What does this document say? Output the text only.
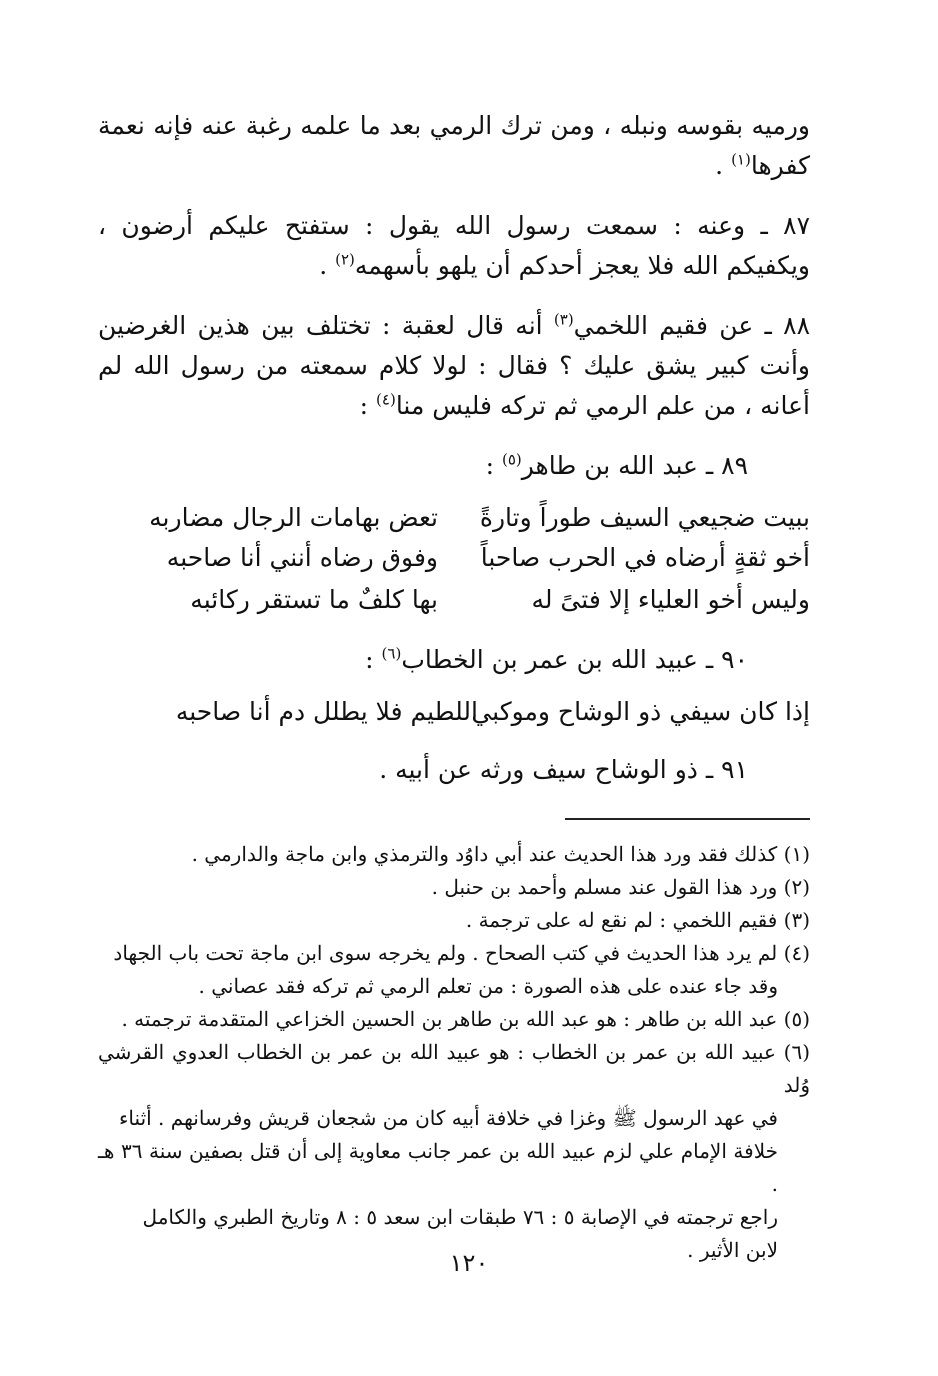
ورميه بقوسه ونبله ، ومن ترك الرمي بعد ما علمه رغبة عنه فإنه نعمة كفرها$^{(١)}$ .
٨٧ ـ وعنه : سمعت رسول الله يقول : ستفتح عليكم أرضون ، ويكفيكم الله فلا يعجز أحدكم أن يلهو بأسهمه$^{(٢)}$ .
٨٨ ـ عن فقيم اللخمي$^{(٣)}$ أنه قال لعقبة : تختلف بين هذين الغرضين وأنت كبير يشق عليك ؟ فقال : لولا كلام سمعته من رسول الله لم أعانه ، من علم الرمي ثم تركه فليس منا$^{(٤)}$ :
٨٩ ـ عبد الله بن طاهر$^{(٥)}$ :
ببيت ضجيعي السيف طوراً وتارةً
تعض بهامات الرجال مضاربه
أخو ثقةٍ أرضاه في الحرب صاحباً
وفوق رضاه أنني أنا صاحبه
وليس أخو العلياء إلا فتىً له
بها كلفٌ ما تستقر ركائبه
٩٠ ـ عبيد الله بن عمر بن الخطاب$^{(٦)}$ :
إذا كان سيفي ذو الوشاح وموكبي
اللطيم فلا يطلل دم أنا صاحبه
٩١ ـ ذو الوشاح سيف ورثه عن أبيه .
(١) كذلك فقد ورد هذا الحديث عند أبي داوُد والترمذي وابن ماجة والدارمي .
(٢) ورد هذا القول عند مسلم وأحمد بن حنبل .
(٣) فقيم اللخمي : لم نقع له على ترجمة .
(٤) لم يرد هذا الحديث في كتب الصحاح . ولم يخرجه سوى ابن ماجة تحت باب الجهاد
وقد جاء عنده على هذه الصورة : من تعلم الرمي ثم تركه فقد عصاني .
(٥) عبد الله بن طاهر : هو عبد الله بن طاهر بن الحسين الخزاعي المتقدمة ترجمته .
(٦) عبيد الله بن عمر بن الخطاب : هو عبيد الله بن عمر بن الخطاب العدوي القرشي وُلد
في عهد الرسول ﷺ وغزا في خلافة أبيه كان من شجعان قريش وفرسانهم . أثناء
خلافة الإمام علي لزم عبيد الله بن عمر جانب معاوية إلى أن قتل بصفين سنة ٣٦ هـ .
راجع ترجمته في الإصابة ٥ : ٧٦ طبقات ابن سعد ٥ : ٨ وتاريخ الطبري والكامل
لابن الأثير .
١٢٠
